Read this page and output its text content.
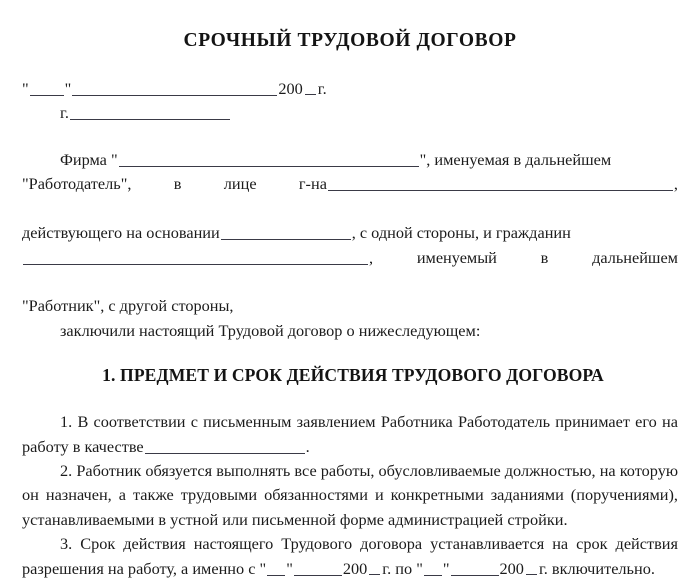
СРОЧНЫЙ ТРУДОВОЙ ДОГОВОР
" "	200 г.
г.
Фирма "	", именуемая в дальнейшем
"Работодатель", в лице г-на	,
действующего на основании	, с одной стороны, и гражданин
, именуемый в дальнейшем
"Работник", с другой стороны,
заключили настоящий Трудовой договор о нижеследующем:
1. ПРЕДМЕТ И СРОК ДЕЙСТВИЯ ТРУДОВОГО ДОГОВОРА
1. В соответствии с письменным заявлением Работника Работодатель принимает его на работу в качестве	.
2. Работник обязуется выполнять все работы, обусловливаемые должностью, на которую он назначен, а также трудовыми обязанностями и конкретными заданиями (поручениями), устанавливаемыми в устной или письменной форме администрацией стройки.
3. Срок действия настоящего Трудового договора устанавливается на срок действия разрешения на работу, а именно с " "	200 г. по " "	200 г. включительно.
